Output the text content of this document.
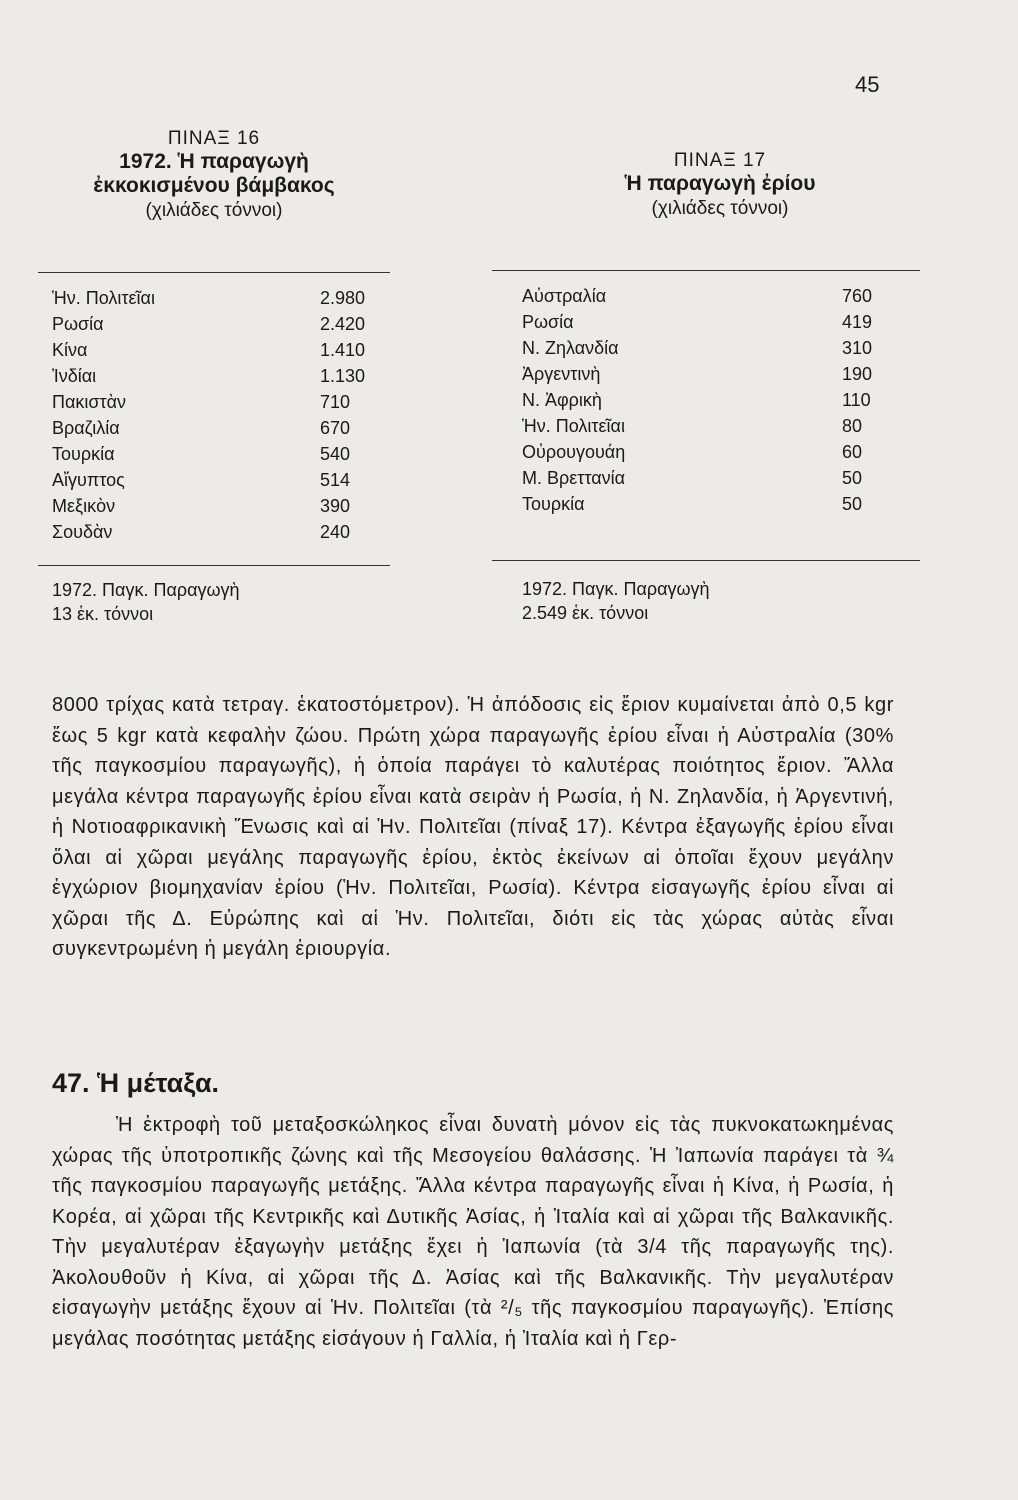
45
ΠΙΝΑΞ 16
1972. Ἡ παραγωγὴ
ἐκκοκισμένου βάμβακος
(χιλιάδες τόννοι)
Ἡν. Πολιτεῖαι	2.980
Ρωσία	2.420
Κίνα	1.410
Ἰνδίαι	1.130
Πακιστὰν	710
Βραζιλία	670
Τουρκία	540
Αἴγυπτος	514
Μεξικὸν	390
Σουδὰν	240
1972. Παγκ. Παραγωγὴ
13 ἑκ. τόννοι
ΠΙΝΑΞ 17
Ἡ παραγωγὴ ἐρίου
(χιλιάδες τόννοι)
Αὐστραλία	760
Ρωσία	419
Ν. Ζηλανδία	310
Ἀργεντινὴ	190
Ν. Ἀφρικὴ	110
Ἡν. Πολιτεῖαι	80
Οὐρουγουάη	60
Μ. Βρεττανία	50
Τουρκία	50
1972. Παγκ. Παραγωγὴ
2.549 ἑκ. τόννοι
8000 τρίχας κατὰ τετραγ. ἑκατοστόμετρον). Ἡ ἀπόδοσις εἰς ἔριον κυμαίνεται ἀπὸ 0,5 kgr ἕως 5 kgr κατὰ κεφαλὴν ζώου. Πρώτη χώρα παραγωγῆς ἐρίου εἶναι ἡ Αὐστραλία (30% τῆς παγκοσμίου παραγωγῆς), ἡ ὁποία παράγει τὸ καλυτέρας ποιότητος ἔριον. Ἄλλα μεγάλα κέντρα παραγωγῆς ἐρίου εἶναι κατὰ σειρὰν ἡ Ρωσία, ἡ Ν. Ζηλανδία, ἡ Ἀργεντινή, ἡ Νοτιοαφρικανικὴ Ἕνωσις καὶ αἱ Ἡν. Πολιτεῖαι (πίναξ 17). Κέντρα ἐξαγωγῆς ἐρίου εἶναι ὅλαι αἱ χῶραι μεγάλης παραγωγῆς ἐρίου, ἐκτὸς ἐκείνων αἱ ὁποῖαι ἔχουν μεγάλην ἐγχώριον βιομηχανίαν ἐρίου (Ἡν. Πολιτεῖαι, Ρωσία). Κέντρα εἰσαγωγῆς ἐρίου εἶναι αἱ χῶραι τῆς Δ. Εὐρώπης καὶ αἱ Ἡν. Πολιτεῖαι, διότι εἰς τὰς χώρας αὐτὰς εἶναι συγκεντρωμένη ἡ μεγάλη ἐριουργία.
47. Ἡ μέταξα.
Ἡ ἐκτροφὴ τοῦ μεταξοσκώληκος εἶναι δυνατὴ μόνον εἰς τὰς πυκνοκατωκημένας χώρας τῆς ὑποτροπικῆς ζώνης καὶ τῆς Μεσογείου θαλάσσης. Ἡ Ἰαπωνία παράγει τὰ ¾ τῆς παγκοσμίου παραγωγῆς μετάξης. Ἄλλα κέντρα παραγωγῆς εἶναι ἡ Κίνα, ἡ Ρωσία, ἡ Κορέα, αἱ χῶραι τῆς Κεντρικῆς καὶ Δυτικῆς Ἀσίας, ἡ Ἰταλία καὶ αἱ χῶραι τῆς Βαλκανικῆς. Τὴν μεγαλυτέραν ἐξαγωγὴν μετάξης ἔχει ἡ Ἰαπωνία (τὰ 3/4 τῆς παραγωγῆς της). Ἀκολουθοῦν ἡ Κίνα, αἱ χῶραι τῆς Δ. Ἀσίας καὶ τῆς Βαλκανικῆς. Τὴν μεγαλυτέραν εἰσαγωγὴν μετάξης ἔχουν αἱ Ἡν. Πολιτεῖαι (τὰ ²/₅ τῆς παγκοσμίου παραγωγῆς). Ἐπίσης μεγάλας ποσότητας μετάξης εἰσάγουν ἡ Γαλλία, ἡ Ἰταλία καὶ ἡ Γερ-
